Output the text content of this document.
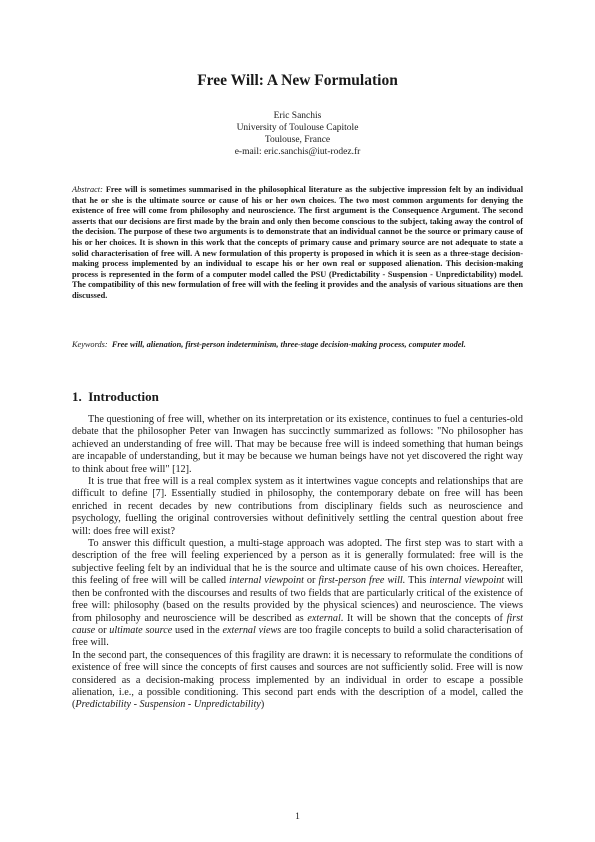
Free Will: A New Formulation
Eric Sanchis
University of Toulouse Capitole
Toulouse, France
e-mail: eric.sanchis@iut-rodez.fr
Abstract: Free will is sometimes summarised in the philosophical literature as the subjective impression felt by an individual that he or she is the ultimate source or cause of his or her own choices. The two most common arguments for denying the existence of free will come from philosophy and neuroscience. The first argument is the Consequence Argument. The second asserts that our decisions are first made by the brain and only then become conscious to the subject, taking away the control of the decision. The purpose of these two arguments is to demonstrate that an individual cannot be the source or primary cause of his or her choices. It is shown in this work that the concepts of primary cause and primary source are not adequate to state a solid characterisation of free will. A new formulation of this property is proposed in which it is seen as a three-stage decision-making process implemented by an individual to escape his or her own real or supposed alienation. This decision-making process is represented in the form of a computer model called the PSU (Predictability - Suspension - Unpredictability) model. The compatibility of this new formulation of free will with the feeling it provides and the analysis of various situations are then discussed.
Keywords: Free will, alienation, first-person indeterminism, three-stage decision-making process, computer model.
1. Introduction

The questioning of free will, whether on its interpretation or its existence, continues to fuel a centuries-old debate that the philosopher Peter van Inwagen has succinctly summarized as follows: "No philosopher has achieved an understanding of free will. That may be because free will is indeed something that human beings are incapable of understanding, but it may be because we human beings have not yet discovered the right way to think about free will" [12].

It is true that free will is a real complex system as it intertwines vague concepts and relationships that are difficult to define [7]. Essentially studied in philosophy, the contemporary debate on free will has been enriched in recent decades by new contributions from disciplinary fields such as neuroscience and psychology, fuelling the original controversies without definitively settling the central question about free will: does free will exist?

To answer this difficult question, a multi-stage approach was adopted. The first step was to start with a description of the free will feeling experienced by a person as it is generally formulated: free will is the subjective feeling felt by an individual that he is the source and ultimate cause of his own choices. Hereafter, this feeling of free will will be called internal viewpoint or first-person free will. This internal viewpoint will then be confronted with the discourses and results of two fields that are particularly critical of the existence of free will: philosophy (based on the results provided by the physical sciences) and neuroscience. The views from philosophy and neuroscience will be described as external. It will be shown that the concepts of first cause or ultimate source used in the external views are too fragile concepts to build a solid characterisation of free will.

In the second part, the consequences of this fragility are drawn: it is necessary to reformulate the conditions of existence of free will since the concepts of first causes and sources are not sufficiently solid. Free will is now considered as a decision-making process implemented by an individual in order to escape a possible alienation, i.e., a possible conditioning. This second part ends with the description of a model, called the (Predictability - Suspension - Unpredictability)

1
